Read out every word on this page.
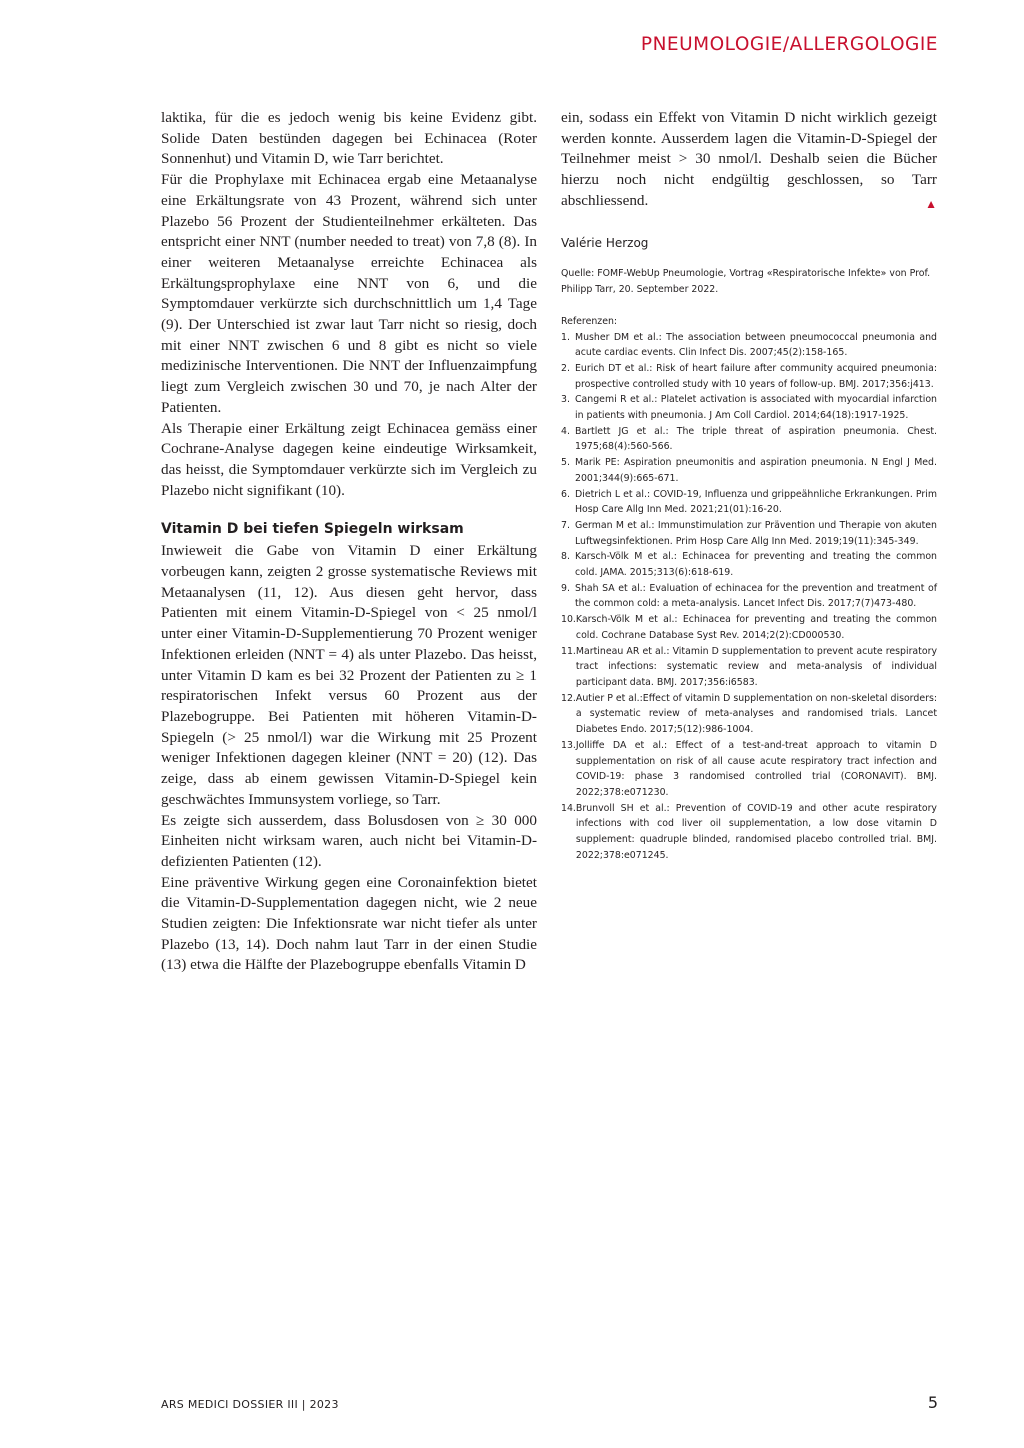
PNEUMOLOGIE/ALLERGOLOGIE

laktika, für die es jedoch wenig bis keine Evidenz gibt. Solide Daten bestünden dagegen bei Echinacea (Roter Sonnenhut) und Vitamin D, wie Tarr berichtet.

Für die Prophylaxe mit Echinacea ergab eine Metaanalyse eine Erkältungsrate von 43 Prozent, während sich unter Plazebo 56 Prozent der Studienteilnehmer erkälteten. Das entspricht einer NNT (number needed to treat) von 7,8 (8). In einer weiteren Metaanalyse erreichte Echinacea als Erkältungsprophylaxe eine NNT von 6, und die Symptomdauer verkürzte sich durchschnittlich um 1,4 Tage (9). Der Unterschied ist zwar laut Tarr nicht so riesig, doch mit einer NNT zwischen 6 und 8 gibt es nicht so viele medizinische Interventionen. Die NNT der Influenzaimpfung liegt zum Vergleich zwischen 30 und 70, je nach Alter der Patienten.

Als Therapie einer Erkältung zeigt Echinacea gemäss einer Cochrane-Analyse dagegen keine eindeutige Wirksamkeit, das heisst, die Symptomdauer verkürzte sich im Vergleich zu Plazebo nicht signifikant (10).

Vitamin D bei tiefen Spiegeln wirksam

Inwieweit die Gabe von Vitamin D einer Erkältung vorbeugen kann, zeigten 2 grosse systematische Reviews mit Metaanalysen (11, 12). Aus diesen geht hervor, dass Patienten mit einem Vitamin-D-Spiegel von < 25 nmol/l unter einer Vitamin-D-Supplementierung 70 Prozent weniger Infektionen erleiden (NNT = 4) als unter Plazebo. Das heisst, unter Vitamin D kam es bei 32 Prozent der Patienten zu ≥ 1 respiratorischen Infekt versus 60 Prozent aus der Plazebogruppe. Bei Patienten mit höheren Vitamin-D-Spiegeln (> 25 nmol/l) war die Wirkung mit 25 Prozent weniger Infektionen dagegen kleiner (NNT = 20) (12). Das zeige, dass ab einem gewissen Vitamin-D-Spiegel kein geschwächtes Immunsystem vorliege, so Tarr.

Es zeigte sich ausserdem, dass Bolusdosen von ≥ 30 000 Einheiten nicht wirksam waren, auch nicht bei Vitamin-D-defizienten Patienten (12).

Eine präventive Wirkung gegen eine Coronainfektion bietet die Vitamin-D-Supplementation dagegen nicht, wie 2 neue Studien zeigten: Die Infektionsrate war nicht tiefer als unter Plazebo (13, 14). Doch nahm laut Tarr in der einen Studie (13) etwa die Hälfte der Plazebogruppe ebenfalls Vitamin D

ein, sodass ein Effekt von Vitamin D nicht wirklich gezeigt werden konnte. Ausserdem lagen die Vitamin-D-Spiegel der Teilnehmer meist > 30 nmol/l. Deshalb seien die Bücher hierzu noch nicht endgültig geschlossen, so Tarr abschliessend.	▲

Valérie Herzog
Quelle: FOMF-WebUp Pneumologie, Vortrag «Respiratorische Infekte» von Prof. Philipp Tarr, 20. September 2022.
Referenzen:
1. Musher DM et al.: The association between pneumococcal pneumonia and acute cardiac events. Clin Infect Dis. 2007;45(2):158-165.
2. Eurich DT et al.: Risk of heart failure after community acquired pneumonia: prospective controlled study with 10 years of follow-up. BMJ. 2017;356:j413.
3. Cangemi R et al.: Platelet activation is associated with myocardial infarction in patients with pneumonia. J Am Coll Cardiol. 2014;64(18):1917-1925.
4. Bartlett JG et al.: The triple threat of aspiration pneumonia. Chest. 1975;68(4):560-566.
5. Marik PE: Aspiration pneumonitis and aspiration pneumonia. N Engl J Med. 2001;344(9):665-671.
6. Dietrich L et al.: COVID-19, Influenza und grippeähnliche Erkrankungen. Prim Hosp Care Allg Inn Med. 2021;21(01):16-20.
7. German M et al.: Immunstimulation zur Prävention und Therapie von akuten Luftwegsinfektionen. Prim Hosp Care Allg Inn Med. 2019;19(11):345-349.
8. Karsch-Völk M et al.: Echinacea for preventing and treating the common cold. JAMA. 2015;313(6):618-619.
9. Shah SA et al.: Evaluation of echinacea for the prevention and treatment of the common cold: a meta-analysis. Lancet Infect Dis. 2017;7(7)473-480.
10. Karsch-Völk M et al.: Echinacea for preventing and treating the common cold. Cochrane Database Syst Rev. 2014;2(2):CD000530.
11. Martineau AR et al.: Vitamin D supplementation to prevent acute respiratory tract infections: systematic review and meta-analysis of individual participant data. BMJ. 2017;356:i6583.
12. Autier P et al.:Effect of vitamin D supplementation on non-skeletal disorders: a systematic review of meta-analyses and randomised trials. Lancet Diabetes Endo. 2017;5(12):986-1004.
13. Jolliffe DA et al.: Effect of a test-and-treat approach to vitamin D supplementation on risk of all cause acute respiratory tract infection and COVID-19: phase 3 randomised controlled trial (CORONAVIT). BMJ. 2022;378:e071230.
14. Brunvoll SH et al.: Prevention of COVID-19 and other acute respiratory infections with cod liver oil supplementation, a low dose vitamin D supplement: quadruple blinded, randomised placebo controlled trial. BMJ. 2022;378:e071245.
ARS MEDICI DOSSIER III | 2023	5
